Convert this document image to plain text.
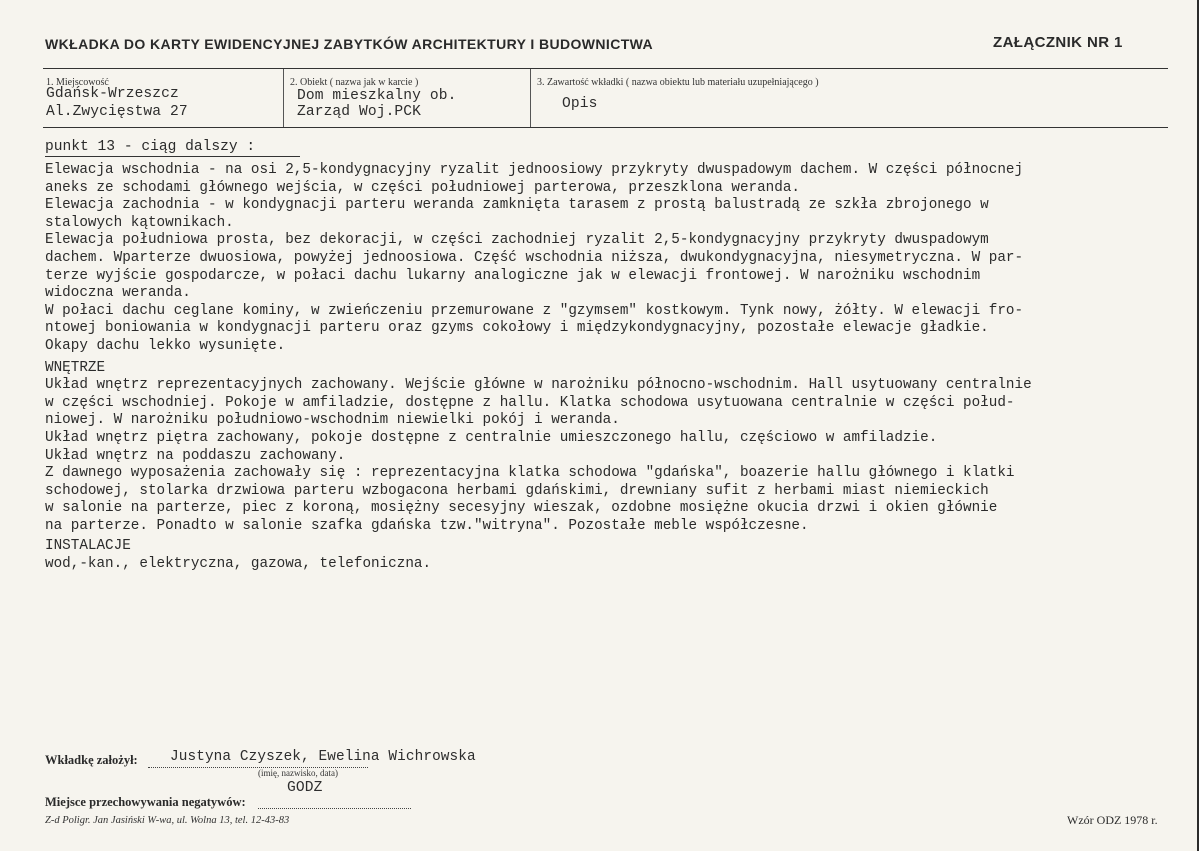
WKŁADKA DO KARTY EWIDENCYJNEJ ZABYTKÓW ARCHITEKTURY I BUDOWNICTWA	ZAŁĄCZNIK NR 1
1. Miejscowość
Gdańsk-Wrzeszcz
Al.Zwycięstwa 27
2. Obiekt ( nazwa jak w karcie )
Dom mieszkalny ob.
Zarząd Woj.PCK
3. Zawartość wkładki ( nazwa obiektu lub materiału uzupełniającego )
Opis
punkt 13 - ciąg dalszy :
Elewacja wschodnia - na osi 2,5-kondygnacyjny ryzalit jednoosiowy przykryty dwuspadowym dachem. W części północnej
aneks ze schodami głównego wejścia, w części południowej parterowa, przeszklona weranda.
Elewacja zachodnia - w kondygnacji parteru weranda zamknięta tarasem z prostą balustradą ze szkła zbrojonego w
stalowych kątownikach.
Elewacja południowa prosta, bez dekoracji, w części zachodniej ryzalit 2,5-kondygnacyjny przykryty dwuspadowym
dachem. Wparterze dwuosiowa, powyżej jednoosiowa. Część wschodnia niższa, dwukondygnacyjna, niesymetryczna. W par-
terze wyjście gospodarcze, w połaci dachu lukarny analogiczne jak w elewacji frontowej. W narożniku wschodnim
widoczna weranda.
W połaci dachu ceglane kominy, w zwieńczeniu przemurowane z "gzymsem" kostkowym. Tynk nowy, żółty. W elewacji fro-
ntowej boniowania w kondygnacji parteru oraz gzyms cokołowy i międzykondygnacyjny, pozostałe elewacje gładkie.
Okapy dachu lekko wysunięte.
WNĘTRZE
Układ wnętrz reprezentacyjnych zachowany. Wejście główne w narożniku północno-wschodnim. Hall usytuowany centralnie
w części wschodniej. Pokoje w amfiladzie, dostępne z hallu. Klatka schodowa usytuowana centralnie w części połud-
niowej. W narożniku południowo-wschodnim niewielki pokój i weranda.
Układ wnętrz piętra zachowany, pokoje dostępne z centralnie umieszczonego hallu, częściowo w amfiladzie.
Układ wnętrz na poddaszu zachowany.
Z dawnego wyposażenia zachowały się : reprezentacyjna klatka schodowa "gdańska", boazerie hallu głównego i klatki
schodowej, stolarka drzwiowa parteru wzbogacona herbami gdańskimi, drewniany sufit z herbami miast niemieckich
w salonie na parterze, piec z koroną, mosiężny secesyjny wieszak, ozdobne mosiężne okucia drzwi i okien głównie
na parterze. Ponadto w salonie szafka gdańska tzw."witryna". Pozostałe meble współczesne.
INSTALACJE
wod,-kan., elektryczna, gazowa, telefoniczna.
Wkładkę założył: Justyna Czyszek, Ewelina Wichrowska
(imię, nazwisko, data)
GODZ
Miejsce przechowywania negatywów:
Z-d Poligr. Jan Jasiński W-wa, ul. Wolna 13, tel. 12-43-83	Wzór ODZ 1978 r.
